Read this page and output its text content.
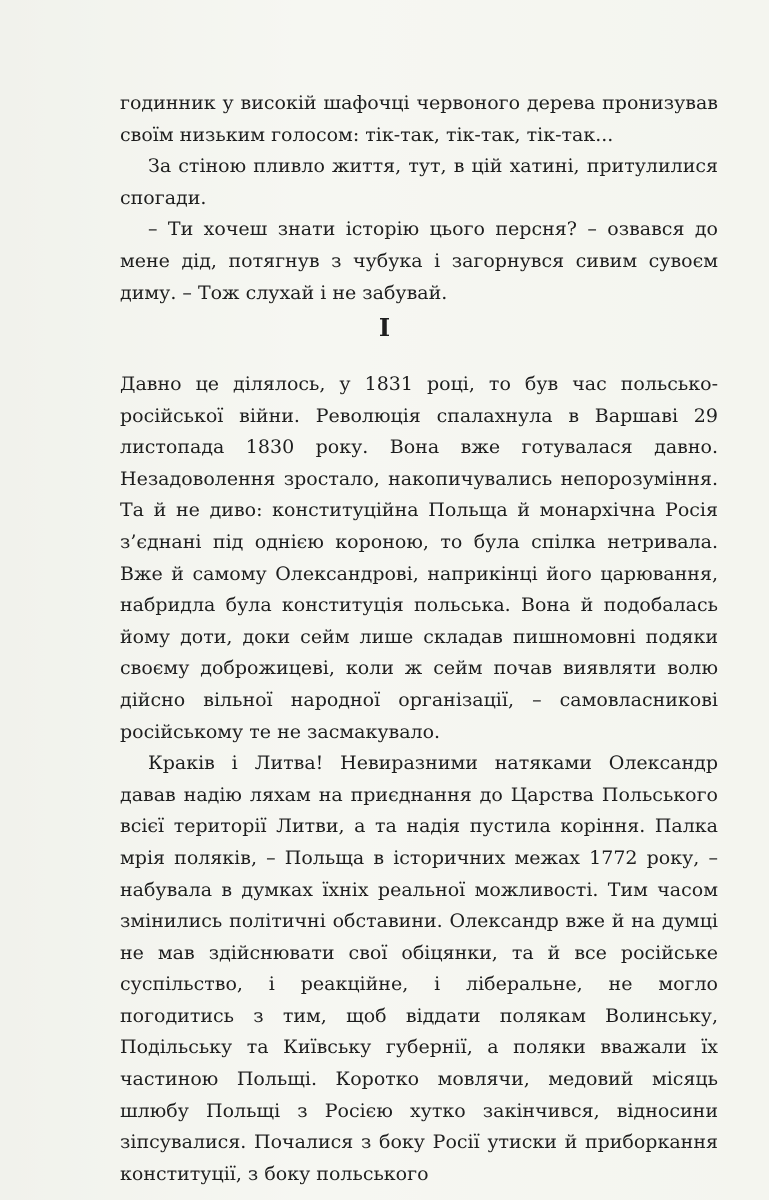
годинник у високій шафочці червоного дерева пронизував своїм низьким голосом: тік-так, тік-так, тік-так...

За стіною пливло життя, тут, в цій хатині, притулилися спогади.

– Ти хочеш знати історію цього персня? – озвався до мене дід, потягнув з чубука і загорнувся сивим сувоєм диму. – Тож слухай і не забувай.

I

Давно це ділялось, у 1831 році, то був час польсько-російської війни. Революція спалахнула в Варшаві 29 листопада 1830 року. Вона вже готувалася давно. Незадоволення зростало, накопичувались непорозуміння. Та й не диво: конституційна Польща й монархічна Росія з’єднані під однією короною, то була спілка нетривала. Вже й самому Олександрові, наприкінці його царювання, набридла була конституція польська. Вона й подобалась йому доти, доки сейм лише складав пишномовні подяки своєму доброжицеві, коли ж сейм почав виявляти волю дійсно вільної народної організації, – самовласникові російському те не засмакувало.

Краків і Литва! Невиразними натяками Олександр давав надію ляхам на приєднання до Царства Польського всієї території Литви, а та надія пустила коріння. Палка мрія поляків, – Польща в історичних межах 1772 року, – набувала в думках їхніх реальної можливості. Тим часом змінились політичні обставини. Олександр вже й на думці не мав здійснювати свої обіцянки, та й все російське суспільство, і реакційне, і ліберальне, не могло погодитись з тим, щоб віддати полякам Волинську, Подільську та Київську губернії, а поляки вважали їх частиною Польщі. Коротко мовлячи, медовий місяць шлюбу Польщі з Росією хутко закінчився, відносини зіпсувалися. Почалися з боку Росії утиски й приборкання конституції, з боку польського
